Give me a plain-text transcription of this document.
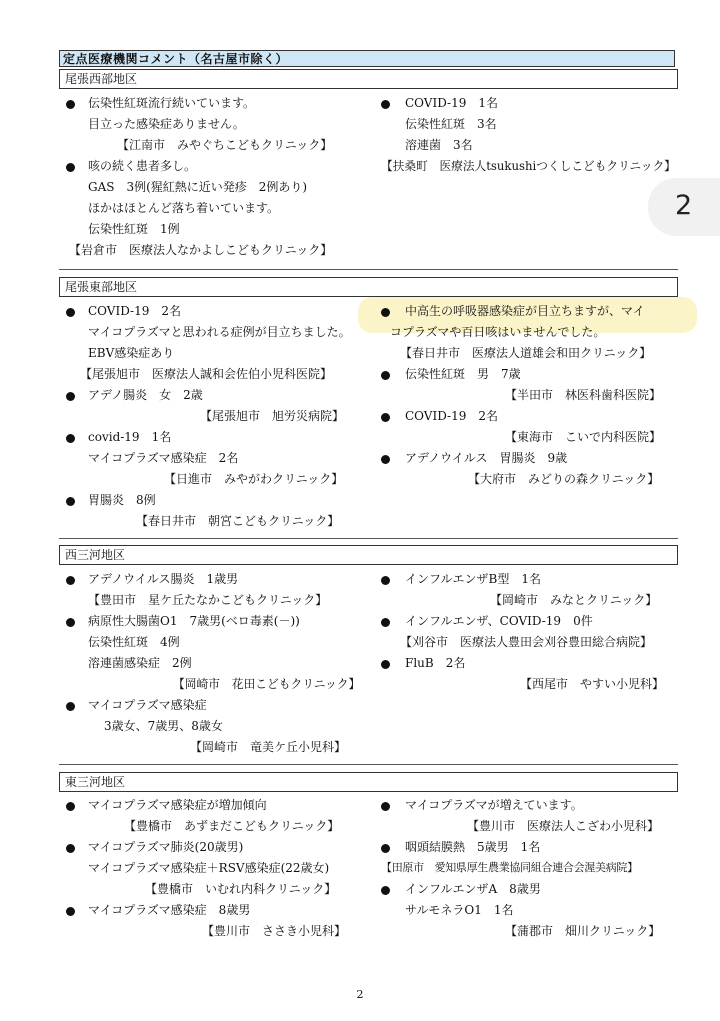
2
定点医療機関コメント（名古屋市除く）
尾張西部地区
伝染性紅斑流行続いています。
目立った感染症ありません。
【江南市　みやぐちこどもクリニック】
咳の続く患者多し。
GAS　3例(猩紅熱に近い発疹　2例あり)
ほかはほとんど落ち着いています。
伝染性紅斑　1例
【岩倉市　医療法人なかよしこどもクリニック】
COVID-19　1名
伝染性紅斑　3名
溶連菌　3名
【扶桑町　医療法人tsukushiつくしこどもクリニック】
尾張東部地区
COVID-19　2名
マイコプラズマと思われる症例が目立ちました。
EBV感染症あり
【尾張旭市　医療法人誠和会佐伯小児科医院】
アデノ腸炎　女　2歳
【尾張旭市　旭労災病院】
covid-19　1名
マイコプラズマ感染症　2名
【日進市　みやがわクリニック】
胃腸炎　8例
【春日井市　朝宮こどもクリニック】
中高生の呼吸器感染症が目立ちますが、マイ
コプラズマや百日咳はいませんでした。
【春日井市　医療法人道雄会和田クリニック】
伝染性紅斑　男　7歳
【半田市　林医科歯科医院】
COVID-19　2名
【東海市　こいで内科医院】
アデノウイルス　胃腸炎　9歳
【大府市　みどりの森クリニック】
西三河地区
アデノウイルス腸炎　1歳男
【豊田市　星ケ丘たなかこどもクリニック】
病原性大腸菌O1　7歳男(ベロ毒素(－))
伝染性紅斑　4例
溶連菌感染症　2例
【岡崎市　花田こどもクリニック】
マイコプラズマ感染症
3歳女、7歳男、8歳女
【岡崎市　竜美ケ丘小児科】
インフルエンザB型　1名
【岡崎市　みなとクリニック】
インフルエンザ、COVID-19　0件
【刈谷市　医療法人豊田会刈谷豊田総合病院】
FluB　2名
【西尾市　やすい小児科】
東三河地区
マイコプラズマ感染症が増加傾向
【豊橋市　あずまだこどもクリニック】
マイコプラズマ肺炎(20歳男)
マイコプラズマ感染症＋RSV感染症(22歳女)
【豊橋市　いむれ内科クリニック】
マイコプラズマ感染症　8歳男
【豊川市　ささき小児科】
マイコプラズマが増えています。
【豊川市　医療法人こざわ小児科】
咽頭結膜熱　5歳男　1名
【田原市　愛知県厚生農業協同組合連合会渥美病院】
インフルエンザA　8歳男
サルモネラO1　1名
【蒲郡市　畑川クリニック】
2
